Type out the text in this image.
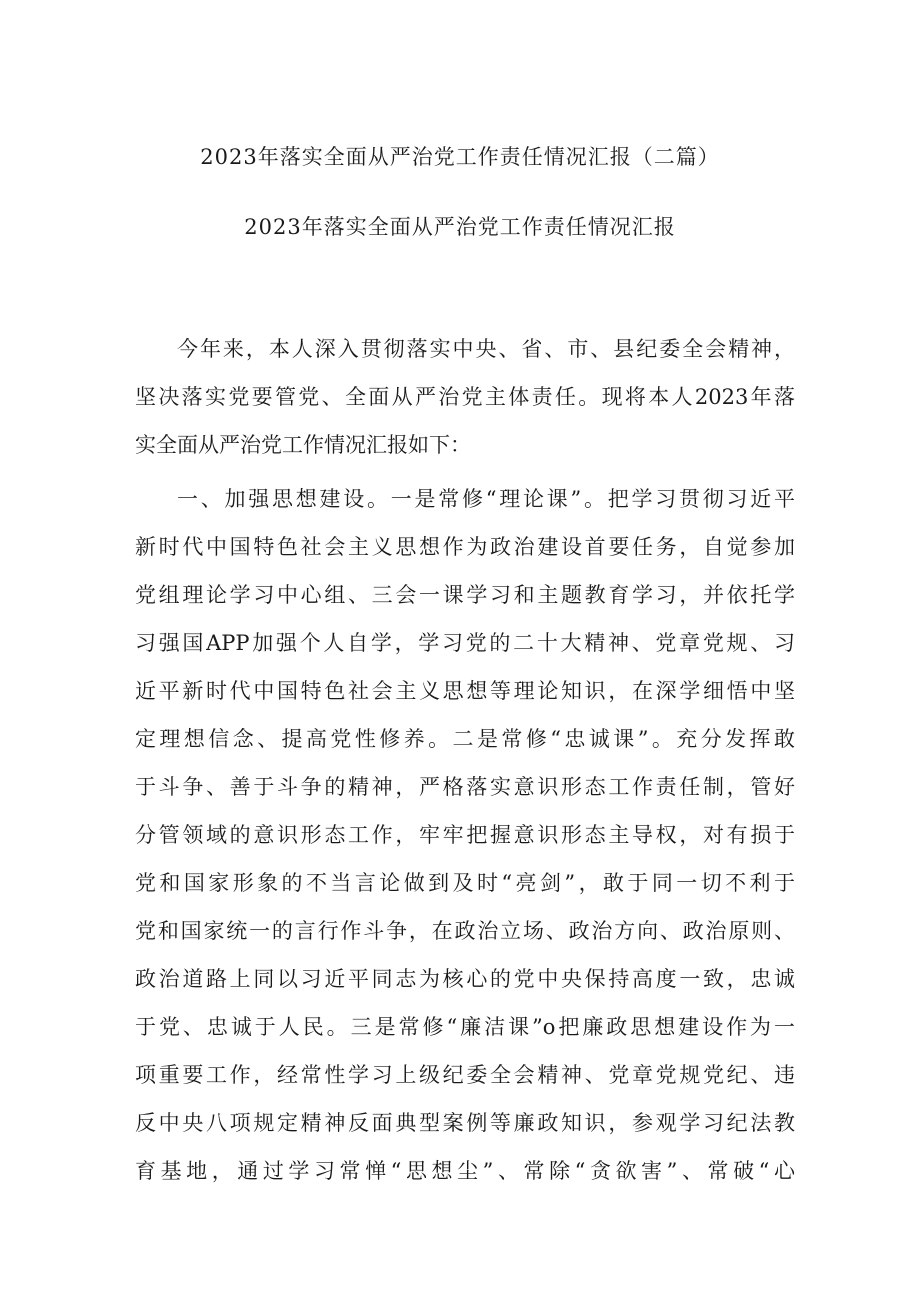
2023年落实全面从严治党工作责任情况汇报（二篇）
2023年落实全面从严治党工作责任情况汇报
今年来，本人深入贯彻落实中央、省、市、县纪委全会精神，
坚决落实党要管党、全面从严治党主体责任。现将本人2023年落
实全面从严治党工作情况汇报如下：
一、加强思想建设。一是常修“理论课”。把学习贯彻习近平
新时代中国特色社会主义思想作为政治建设首要任务，自觉参加
党组理论学习中心组、三会一课学习和主题教育学习，并依托学
习强国APP加强个人自学，学习党的二十大精神、党章党规、习
近平新时代中国特色社会主义思想等理论知识，在深学细悟中坚
定理想信念、提高党性修养。二是常修“忠诚课”。充分发挥敢
于斗争、善于斗争的精神，严格落实意识形态工作责任制，管好
分管领域的意识形态工作，牢牢把握意识形态主导权，对有损于
党和国家形象的不当言论做到及时“亮剑”，敢于同一切不利于
党和国家统一的言行作斗争，在政治立场、政治方向、政治原则、
政治道路上同以习近平同志为核心的党中央保持高度一致，忠诚
于党、忠诚于人民。三是常修“廉洁课”o把廉政思想建设作为一
项重要工作，经常性学习上级纪委全会精神、党章党规党纪、违
反中央八项规定精神反面典型案例等廉政知识，参观学习纪法教
育基地，通过学习常惮“思想尘”、常除“贪欲害”、常破“心
